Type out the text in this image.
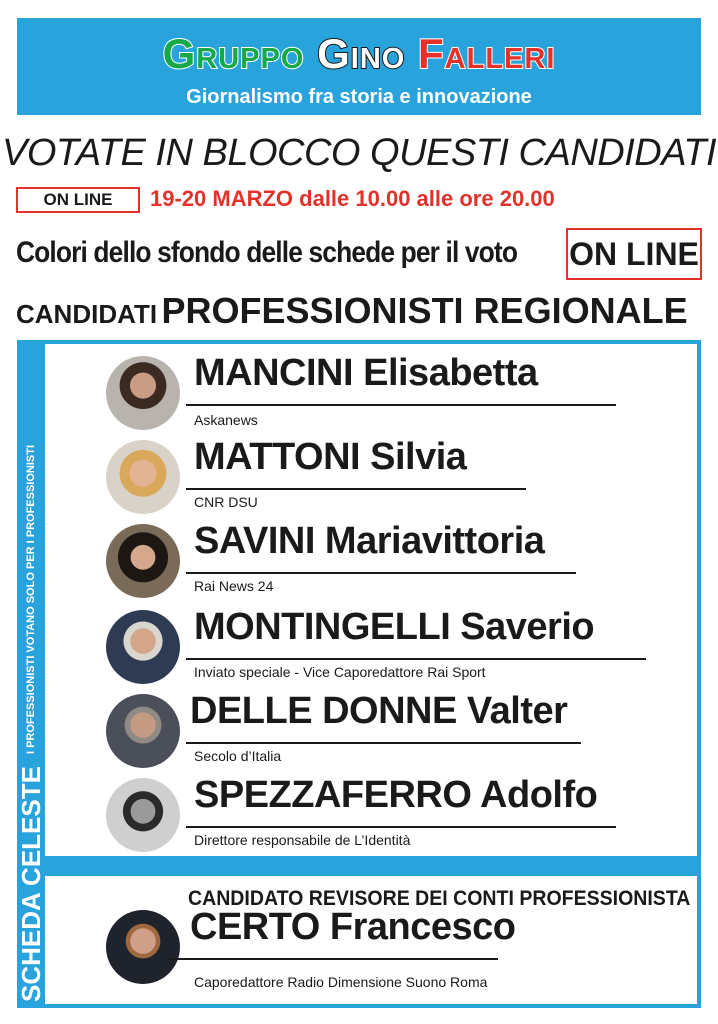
Gruppo Gino Falleri
Giornalismo fra storia e innovazione
VOTATE IN BLOCCO QUESTI CANDIDATI
ON LINE	19-20 MARZO dalle 10.00 alle ore 20.00
Colori dello sfondo delle schede per il voto ON LINE
CANDIDATI PROFESSIONISTI REGIONALE
SCHEDA CELESTE
I PROFESSIONISTI VOTANO SOLO PER I PROFESSIONISTI
MANCINI Elisabetta
Askanews
MATTONI Silvia
CNR DSU
SAVINI Mariavittoria
Rai News 24
MONTINGELLI Saverio
Inviato speciale - Vice Caporedattore Rai Sport
DELLE DONNE Valter
Secolo d’Italia
SPEZZAFERRO Adolfo
Direttore responsabile de L’Identità
CANDIDATO REVISORE DEI CONTI PROFESSIONISTA
CERTO Francesco
Caporedattore Radio Dimensione Suono Roma
